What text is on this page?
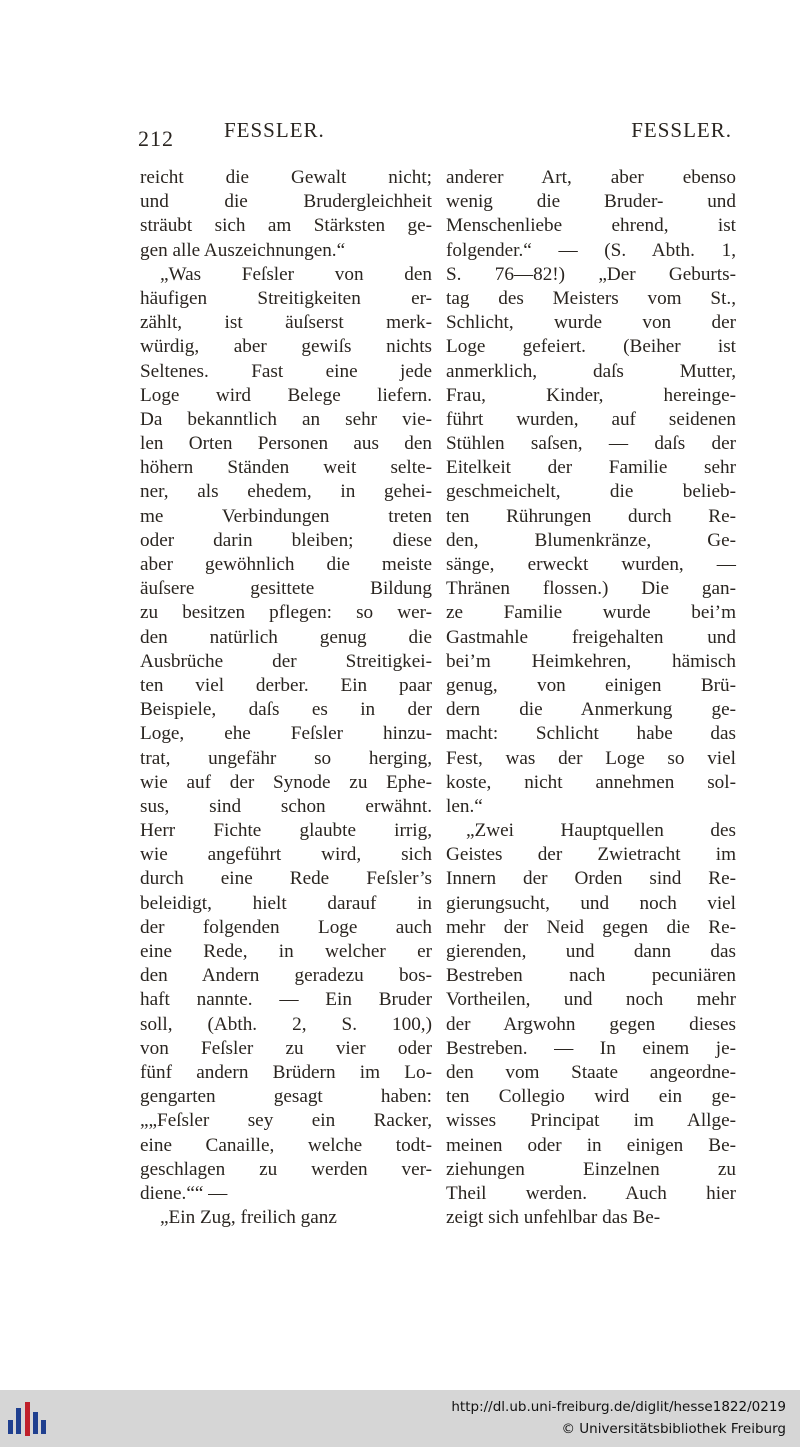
212 FESSLER.	FESSLER.
reicht die Gewalt nicht;
und die Brudergleichheit
sträubt sich am Stärksten ge-
gen alle Auszeichnungen.“
„Was Feſsler von den
häufigen Streitigkeiten er-
zählt, ist äuſserst merk-
würdig, aber gewiſs nichts
Seltenes. Fast eine jede
Loge wird Belege liefern.
Da bekanntlich an sehr vie-
len Orten Personen aus den
höhern Ständen weit selte-
ner, als ehedem, in gehei-
me Verbindungen treten
oder darin bleiben; diese
aber gewöhnlich die meiste
äuſsere gesittete Bildung
zu besitzen pflegen: so wer-
den natürlich genug die
Ausbrüche der Streitigkei-
ten viel derber. Ein paar
Beispiele, daſs es in der
Loge, ehe Feſsler hinzu-
trat, ungefähr so herging,
wie auf der Synode zu Ephe-
sus, sind schon erwähnt.
Herr Fichte glaubte irrig,
wie angeführt wird, sich
durch eine Rede Feſsler’s
beleidigt, hielt darauf in
der folgenden Loge auch
eine Rede, in welcher er
den Andern geradezu bos-
haft nannte. — Ein Bruder
soll, (Abth. 2, S. 100,)
von Feſsler zu vier oder
fünf andern Brüdern im Lo-
gengarten gesagt haben:
„„Feſsler sey ein Racker,
eine Canaille, welche todt-
geschlagen zu werden ver-
diene.““ —
„Ein Zug, freilich ganz
anderer Art, aber ebenso
wenig die Bruder- und
Menschenliebe ehrend, ist
folgender.“ — (S. Abth. 1,
S. 76—82!) „Der Geburts-
tag des Meisters vom St.,
Schlicht, wurde von der
Loge gefeiert. (Beiher ist
anmerklich, daſs Mutter,
Frau, Kinder, hereinge-
führt wurden, auf seidenen
Stühlen saſsen, — daſs der
Eitelkeit der Familie sehr
geschmeichelt, die belieb-
ten Rührungen durch Re-
den, Blumenkränze, Ge-
sänge, erweckt wurden, —
Thränen flossen.) Die gan-
ze Familie wurde bei’m
Gastmahle freigehalten und
bei’m Heimkehren, hämisch
genug, von einigen Brü-
dern die Anmerkung ge-
macht: Schlicht habe das
Fest, was der Loge so viel
koste, nicht annehmen sol-
len.“
„Zwei Hauptquellen des
Geistes der Zwietracht im
Innern der Orden sind Re-
gierungsucht, und noch viel
mehr der Neid gegen die Re-
gierenden, und dann das
Bestreben nach pecuniären
Vortheilen, und noch mehr
der Argwohn gegen dieses
Bestreben. — In einem je-
den vom Staate angeordne-
ten Collegio wird ein ge-
wisses Principat im Allge-
meinen oder in einigen Be-
ziehungen Einzelnen zu
Theil werden. Auch hier
zeigt sich unfehlbar das Be-
http://dl.ub.uni-freiburg.de/diglit/hesse1822/0219
© Universitätsbibliothek Freiburg
